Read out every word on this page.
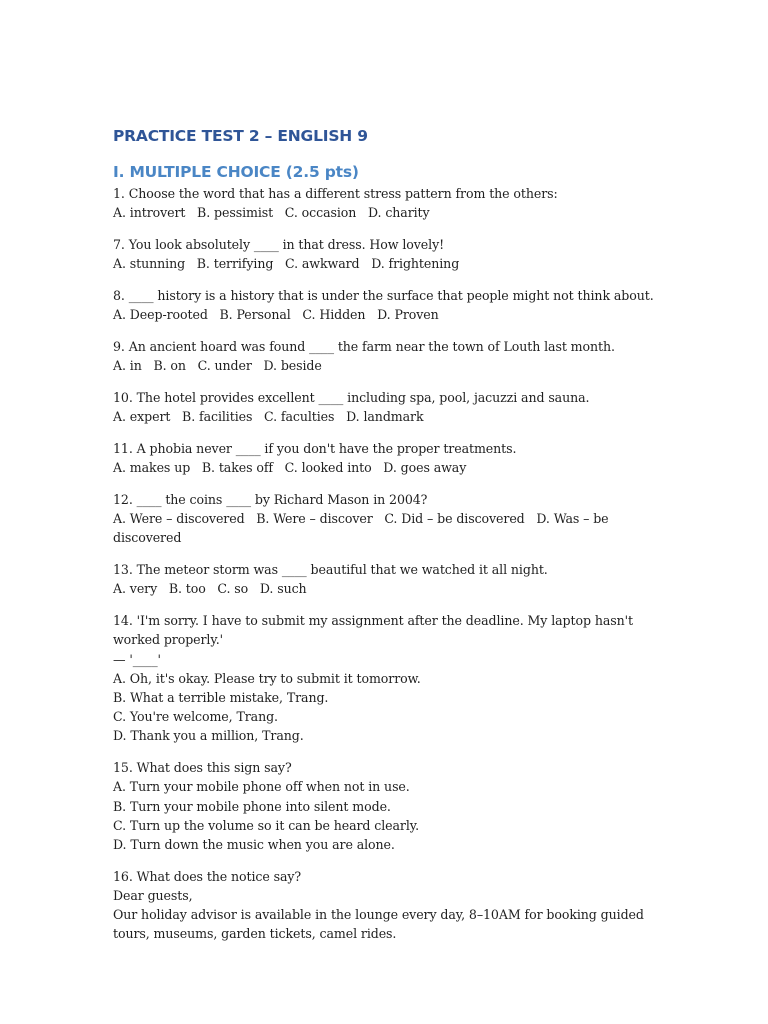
PRACTICE TEST 2 – ENGLISH 9
I. MULTIPLE CHOICE (2.5 pts)
1. Choose the word that has a different stress pattern from the others:
A. introvert   B. pessimist   C. occasion   D. charity
7. You look absolutely ____ in that dress. How lovely!
A. stunning   B. terrifying   C. awkward   D. frightening
8. ____ history is a history that is under the surface that people might not think about.
A. Deep-rooted   B. Personal   C. Hidden   D. Proven
9. An ancient hoard was found ____ the farm near the town of Louth last month.
A. in   B. on   C. under   D. beside
10. The hotel provides excellent ____ including spa, pool, jacuzzi and sauna.
A. expert   B. facilities   C. faculties   D. landmark
11. A phobia never ____ if you don't have the proper treatments.
A. makes up   B. takes off   C. looked into   D. goes away
12. ____ the coins ____ by Richard Mason in 2004?
A. Were – discovered   B. Were – discover   C. Did – be discovered   D. Was – be discovered
13. The meteor storm was ____ beautiful that we watched it all night.
A. very   B. too   C. so   D. such
14. 'I'm sorry. I have to submit my assignment after the deadline. My laptop hasn't worked properly.'
— '____'
A. Oh, it's okay. Please try to submit it tomorrow.
B. What a terrible mistake, Trang.
C. You're welcome, Trang.
D. Thank you a million, Trang.
15. What does this sign say?
A. Turn your mobile phone off when not in use.
B. Turn your mobile phone into silent mode.
C. Turn up the volume so it can be heard clearly.
D. Turn down the music when you are alone.
16. What does the notice say?
Dear guests,
Our holiday advisor is available in the lounge every day, 8–10AM for booking guided tours, museums, garden tickets, camel rides.
